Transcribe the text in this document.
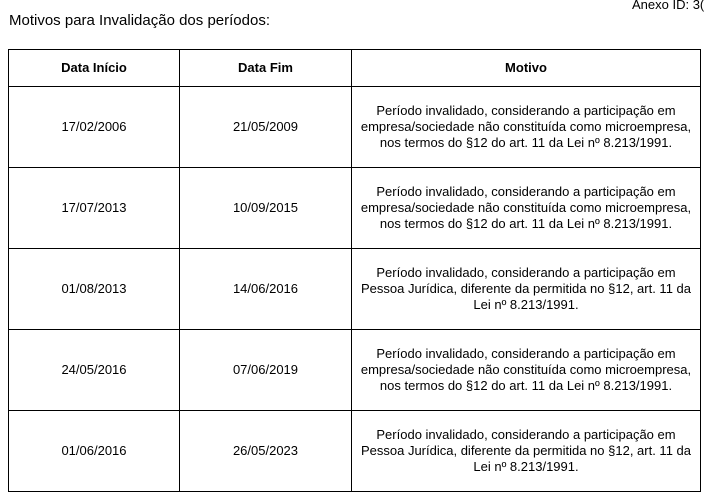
Anexo ID: 3(
Motivos para Invalidação dos períodos:
Data Início	Data Fim	Motivo
17/02/2006	21/05/2009	Período invalidado, considerando a participação em empresa/sociedade não constituída como microempresa, nos termos do §12 do art. 11 da Lei nº 8.213/1991.
17/07/2013	10/09/2015	Período invalidado, considerando a participação em empresa/sociedade não constituída como microempresa, nos termos do §12 do art. 11 da Lei nº 8.213/1991.
01/08/2013	14/06/2016	Período invalidado, considerando a participação em Pessoa Jurídica, diferente da permitida no §12, art. 11 da Lei nº 8.213/1991.
24/05/2016	07/06/2019	Período invalidado, considerando a participação em empresa/sociedade não constituída como microempresa, nos termos do §12 do art. 11 da Lei nº 8.213/1991.
01/06/2016	26/05/2023	Período invalidado, considerando a participação em Pessoa Jurídica, diferente da permitida no §12, art. 11 da Lei nº 8.213/1991.
